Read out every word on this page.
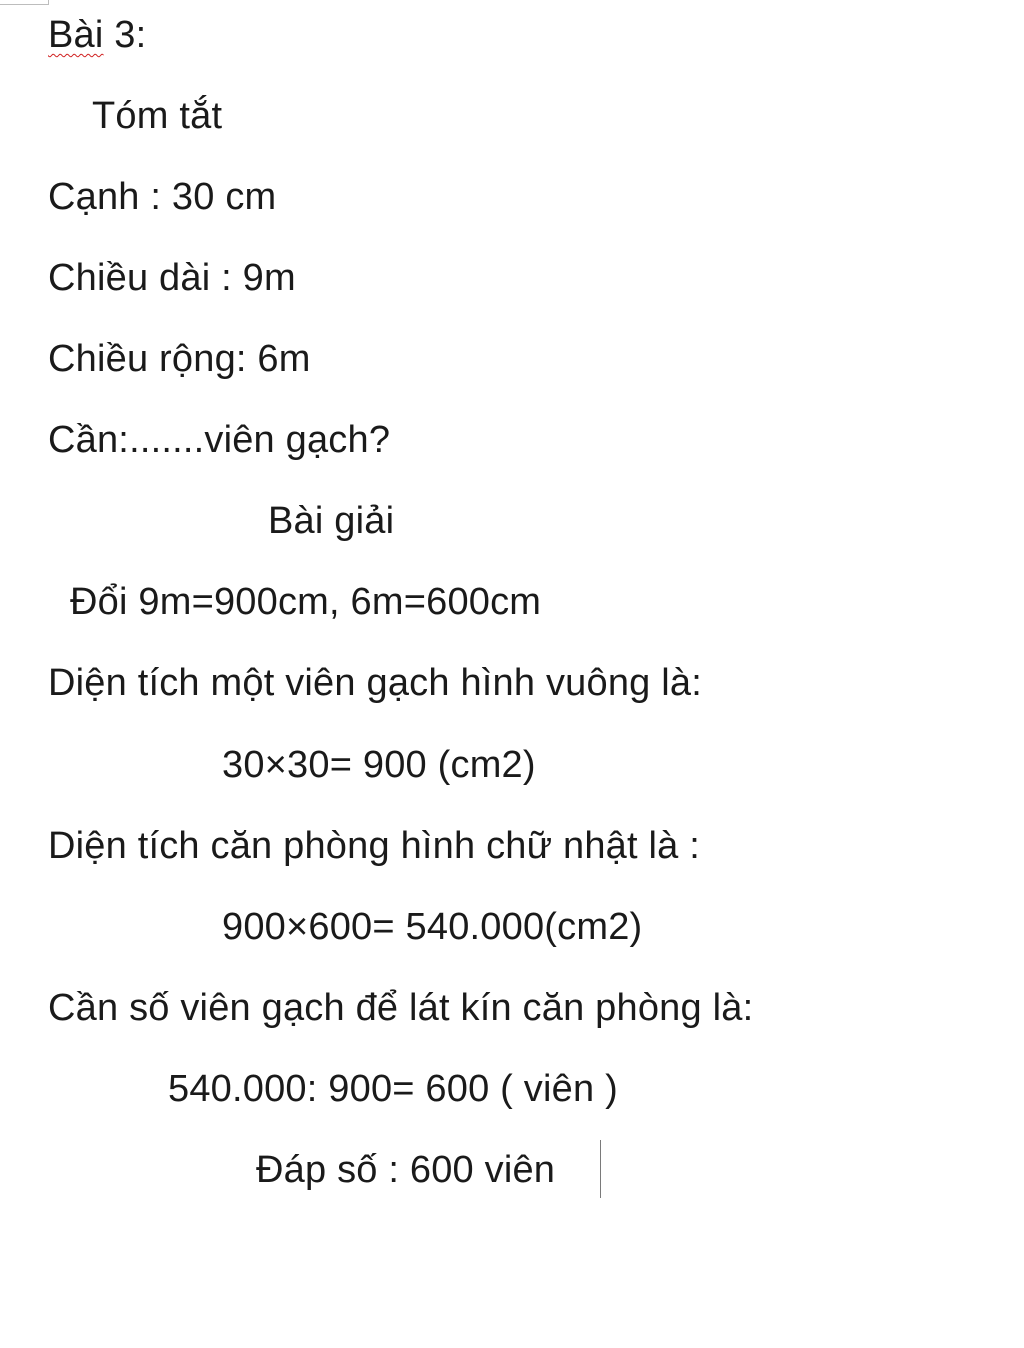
Bài 3:
Tóm tắt
Cạnh : 30 cm
Chiều dài : 9m
Chiều rộng: 6m
Cần:.......viên gạch?
Bài giải
Đổi 9m=900cm, 6m=600cm
Diện tích một viên gạch hình vuông là:
30×30= 900 (cm2)
Diện tích căn phòng hình chữ nhật là :
900×600= 540.000(cm2)
Cần số viên gạch để lát kín căn phòng là:
540.000: 900= 600 ( viên )
Đáp số : 600 viên
